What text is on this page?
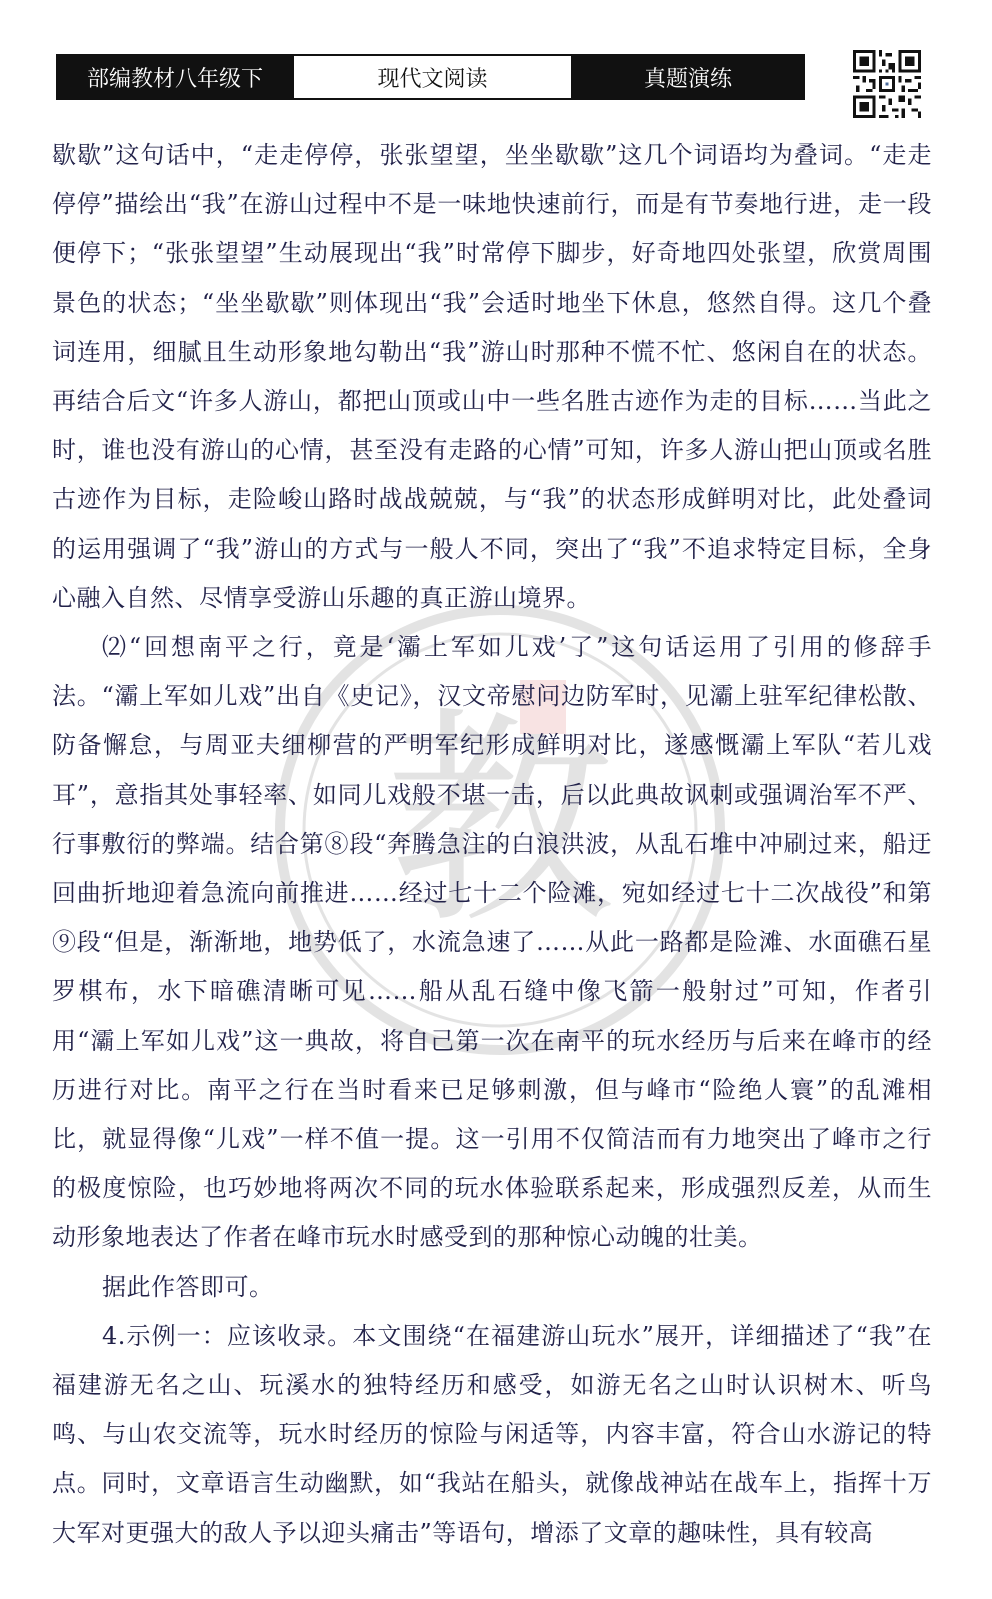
部编教材八年级下	现代文阅读	真题演练
教

歇歇”这句话中，“走走停停，张张望望，坐坐歇歇”这几个词语均为叠词。“走走停停”描绘出“我”在游山过程中不是一味地快速前行，而是有节奏地行进，走一段便停下；“张张望望”生动展现出“我”时常停下脚步，好奇地四处张望，欣赏周围景色的状态；“坐坐歇歇”则体现出“我”会适时地坐下休息，悠然自得。这几个叠词连用，细腻且生动形象地勾勒出“我”游山时那种不慌不忙、悠闲自在的状态。再结合后文“许多人游山，都把山顶或山中一些名胜古迹作为走的目标……当此之时，谁也没有游山的心情，甚至没有走路的心情”可知，许多人游山把山顶或名胜古迹作为目标，走险峻山路时战战兢兢，与“我”的状态形成鲜明对比，此处叠词的运用强调了“我”游山的方式与一般人不同，突出了“我”不追求特定目标，全身心融入自然、尽情享受游山乐趣的真正游山境界。

⑵“回想南平之行，竟是‘灞上军如儿戏’了”这句话运用了引用的修辞手法。“灞上军如儿戏”出自《史记》，汉文帝慰问边防军时，见灞上驻军纪律松散、防备懈怠，与周亚夫细柳营的严明军纪形成鲜明对比，遂感慨灞上军队“若儿戏耳”，意指其处事轻率、如同儿戏般不堪一击，后以此典故讽刺或强调治军不严、行事敷衍的弊端。结合第⑧段“奔腾急注的白浪洪波，从乱石堆中冲刷过来，船迂回曲折地迎着急流向前推进……经过七十二个险滩，宛如经过七十二次战役”和第⑨段“但是，渐渐地，地势低了，水流急速了……从此一路都是险滩、水面礁石星罗棋布，水下暗礁清晰可见……船从乱石缝中像飞箭一般射过”可知，作者引用“灞上军如儿戏”这一典故，将自己第一次在南平的玩水经历与后来在峰市的经历进行对比。南平之行在当时看来已足够刺激，但与峰市“险绝人寰”的乱滩相比，就显得像“儿戏”一样不值一提。这一引用不仅简洁而有力地突出了峰市之行的极度惊险，也巧妙地将两次不同的玩水体验联系起来，形成强烈反差，从而生动形象地表达了作者在峰市玩水时感受到的那种惊心动魄的壮美。

据此作答即可。

4.示例一：应该收录。本文围绕“在福建游山玩水”展开，详细描述了“我”在福建游无名之山、玩溪水的独特经历和感受，如游无名之山时认识树木、听鸟鸣、与山农交流等，玩水时经历的惊险与闲适等，内容丰富，符合山水游记的特点。同时，文章语言生动幽默，如“我站在船头，就像战神站在战车上，指挥十万大军对更强大的敌人予以迎头痛击”等语句，增添了文章的趣味性，具有较高
